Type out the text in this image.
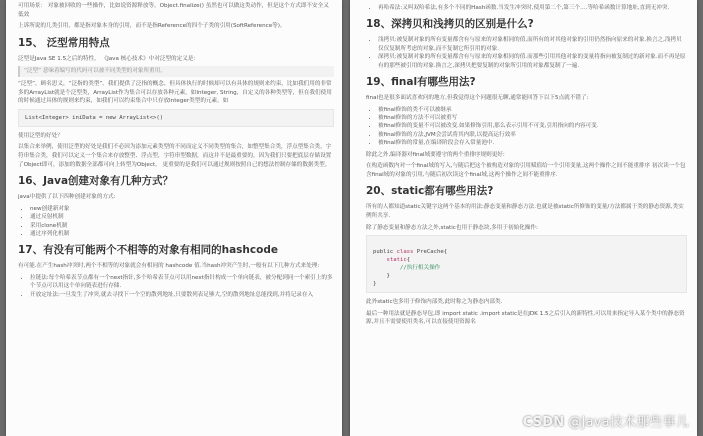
可用场景： 对象被回收的一些操作，比如说资源释放等。Object.finalize() 虽然也可以做这类动作，但是这个方式即不安全又低效

上诉所说的几类引用，都是指对象本身的引用，而不是指Reference的四个子类的引用(SoftReference等)。

15、 泛型常用特点

泛型是Java SE 1.5之后的特性， 《Java 核心技术》中对泛型的定义是：

“泛型” 意味着编写的代码可以被不同类型的对象所重用。

“泛型”，顾名思义，“泛指的类型”。我们提供了泛指的概念，但具体执行的时候却可以有具体的规则来约束，比如我们用的非常多的ArrayList就是个泛型类，ArrayList作为集合可以存放各种元素，如Integer, String，自定义的各种类型等，但在我们使用的时候通过具体的规则来约束，如我们可以约束集合中只存放Integer类型的元素，如

List<Integer> iniData = new ArrayList<>()

使用泛型的好处？

以集合来举例，使用泛型的好处是我们不必因为添加元素类型的不同而定义不同类型的集合，如整型集合类，浮点型集合类，字符串集合类，我们可以定义一个集合来存放整型、浮点型，字符串型数据，而这并不是最重要的，因为我们只要把底层存储设置了Object即可，添加的数据全部都可向上转型为Object。 更重要的是我们可以通过规则按照自己的想法控制存储的数据类型。

16、Java创建对象有几种方式？

java中提供了以下四种创建对象的方式:

• new创建新对象
• 通过反射机制
• 采用clone机制
• 通过序列化机制
17、有没有可能两个不相等的对象有相同的hashcode

有可能.在产生hash冲突时,两个不相等的对象就会有相同的 hashcode 值.当hash冲突产生时,一般有以下几种方式来处理:

• 拉链法:每个哈希表节点都有一个next指针,多个哈希表节点可以用next指针构成一个单向链表，被分配到同一个索引上的多个节点可以用这个单向链表进行存储.
• 开放定址法:一旦发生了冲突,就去寻找下一个空的散列地址,只要散列表足够大,空的散列地址总能找到,并将记录存入
• 再哈希法:又叫双哈希法,有多个不同的Hash函数.当发生冲突时,使用第二个,第三个….等哈希函数计算地址,直到无冲突.
18、深拷贝和浅拷贝的区别是什么?
• 浅拷贝:被复制对象的所有变量都含有与原来的对象相同的值,而所有的对其他对象的引用仍然指向原来的对象.换言之,浅拷贝仅仅复制所考虑的对象,而不复制它所引用的对象.
• 深拷贝:被复制对象的所有变量都含有与原来的对象相同的值.而那些引用其他对象的变量将指向被复制过的新对象.而不再是原有的那些被引用的对象.换言之,深拷贝把要复制的对象所引用的对象都复制了一遍.
19、final有哪些用法?

final也是很多面试喜欢问的地方,但我觉得这个问题很无聊,通常能回答下以下5点就不错了:

• 被final修饰的类不可以被继承
• 被final修饰的方法不可以被重写
• 被final修饰的变量不可以被改变.如果修饰引用,那么表示引用不可变,引用指向的内容可变.
• 被final修饰的方法,JVM会尝试将其内联,以提高运行效率
• 被final修饰的常量,在编译阶段会存入常量池中.

除此之外,编译器对final域要遵守的两个重排序规则更好:

在构造函数内对一个final域的写入,与随后把这个被构造对象的引用赋值给一个引用变量,这两个操作之间不能重排序 初次读一个包含final域的对象的引用,与随后初次读这个final域,这两个操作之间不能重排序.

20、static都有哪些用法?

所有的人都知道static关键字这两个基本的用法:静态变量和静态方法.也就是被static所修饰的变量/方法都属于类的静态资源,类实例所共享.

除了静态变量和静态方法之外,static也用于静态块,多用于初始化操作:

public class PreCache{
static{
//执行相关操作
}
}

此外static也多用于修饰内部类,此时称之为静态内部类.

最后一种用法就是静态导包,即 import static .import static是在JDK 1.5之后引入的新特性,可以用来指定导入某个类中的静态资源,并且不需要使用类名,可以直接使用资源名

CSDN @Java技术那些事儿
